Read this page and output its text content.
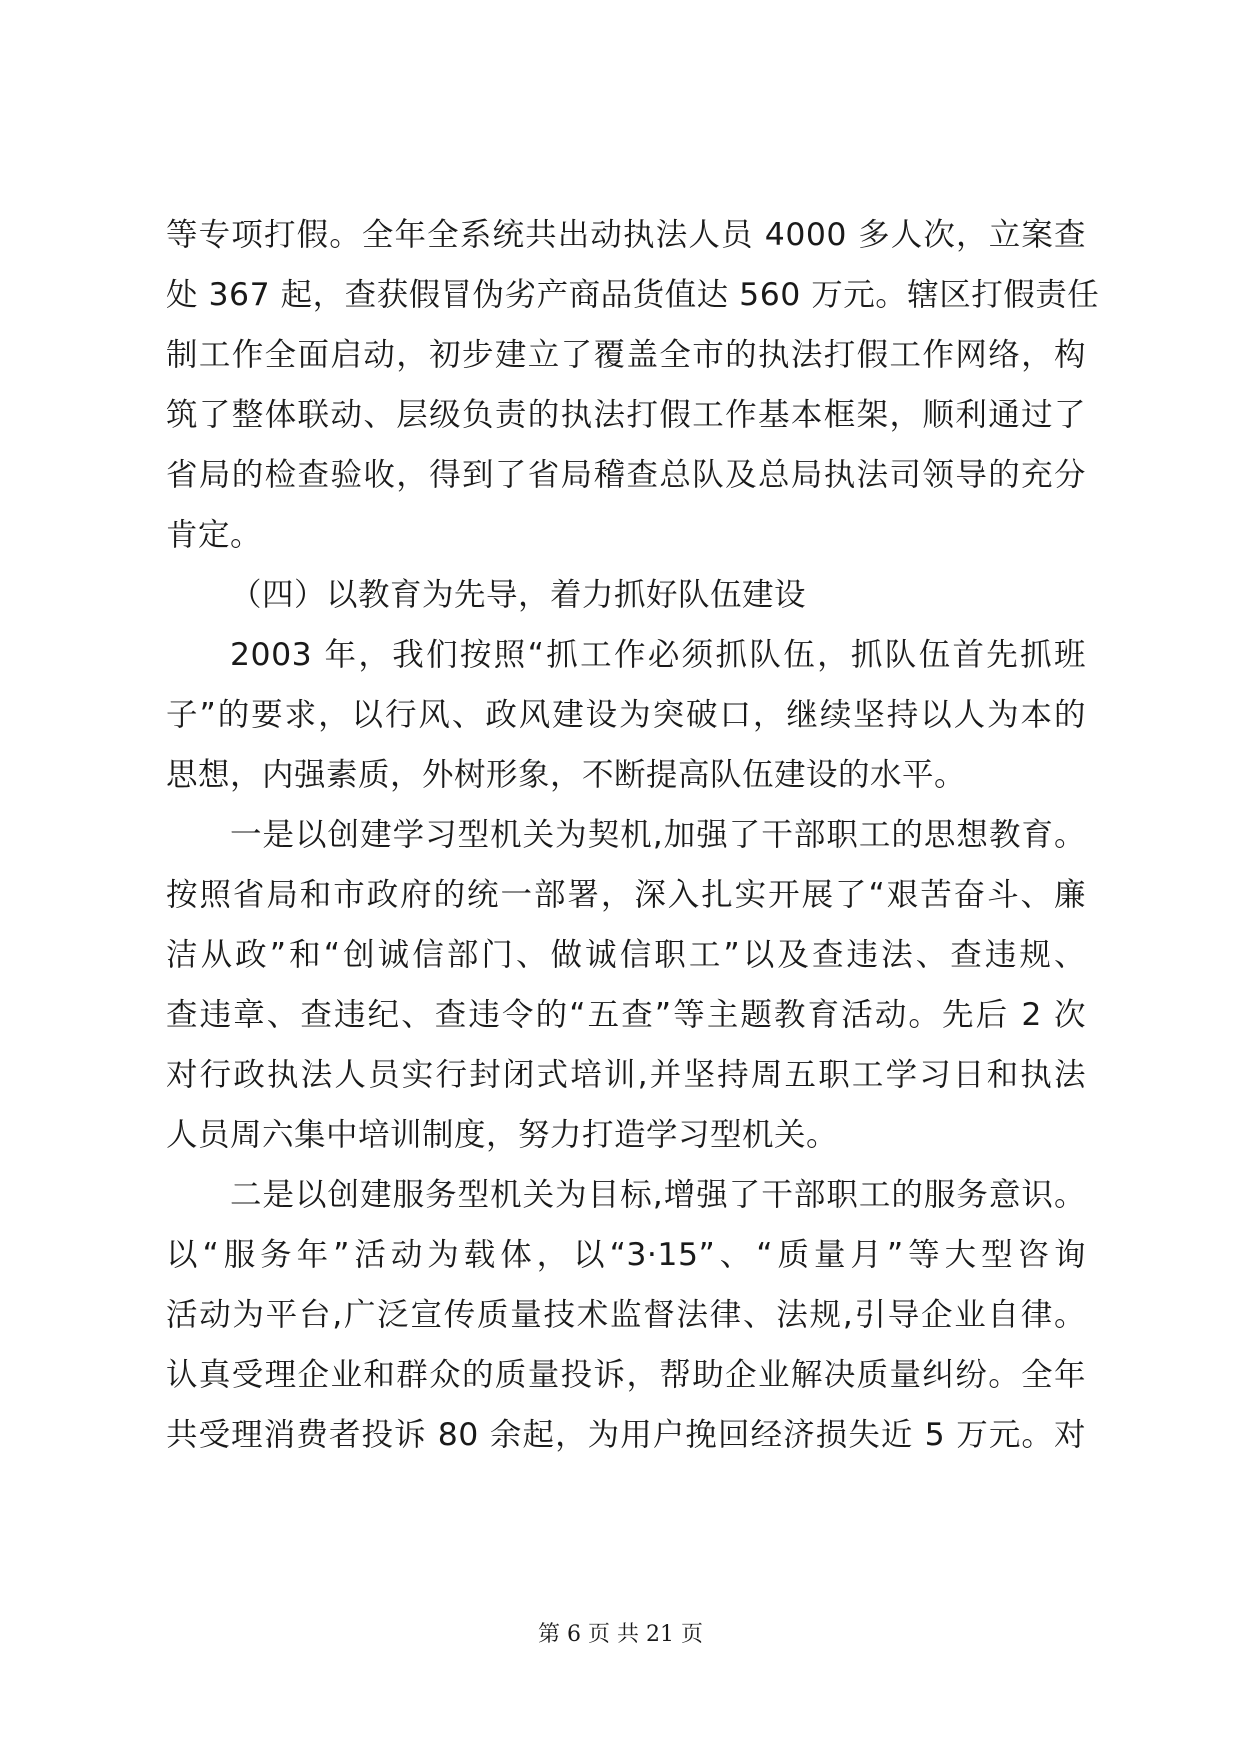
等专项打假。全年全系统共出动执法人员 4000 多人次，立案查
处 367 起，查获假冒伪劣产商品货值达 560 万元。辖区打假责任
制工作全面启动，初步建立了覆盖全市的执法打假工作网络，构
筑了整体联动、层级负责的执法打假工作基本框架，顺利通过了
省局的检查验收，得到了省局稽查总队及总局执法司领导的充分
肯定。
（四）以教育为先导，着力抓好队伍建设
2003 年，我们按照“抓工作必须抓队伍，抓队伍首先抓班
子”的要求，以行风、政风建设为突破口，继续坚持以人为本的
思想，内强素质，外树形象，不断提高队伍建设的水平。
一是以创建学习型机关为契机,加强了干部职工的思想教育。
按照省局和市政府的统一部署，深入扎实开展了“艰苦奋斗、廉
洁从政”和“创诚信部门、做诚信职工”以及查违法、查违规、
查违章、查违纪、查违令的“五查”等主题教育活动。先后 2 次
对行政执法人员实行封闭式培训,并坚持周五职工学习日和执法
人员周六集中培训制度，努力打造学习型机关。
二是以创建服务型机关为目标,增强了干部职工的服务意识。
以“服务年”活动为载体，以“3·15”、“质量月”等大型咨询
活动为平台,广泛宣传质量技术监督法律、法规,引导企业自律。
认真受理企业和群众的质量投诉，帮助企业解决质量纠纷。全年
共受理消费者投诉 80 余起，为用户挽回经济损失近 5 万元。对
第 6 页 共 21 页
